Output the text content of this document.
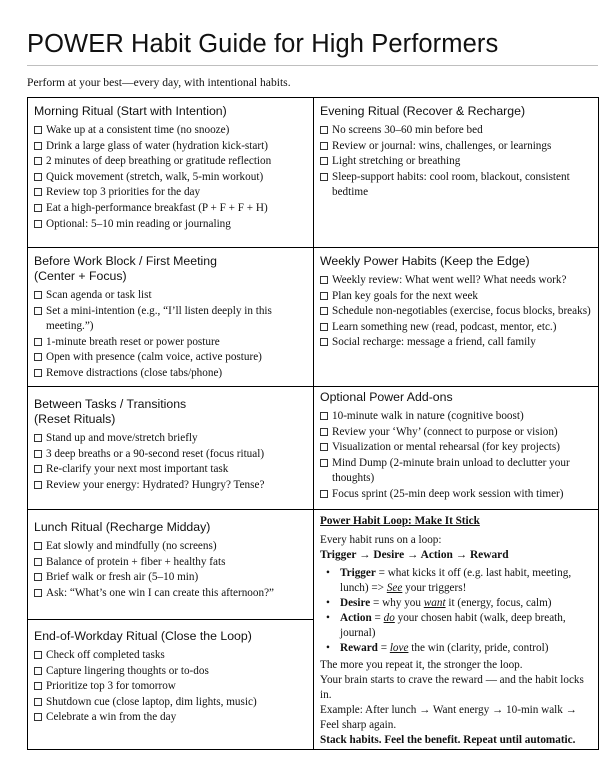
POWER Habit Guide for High Performers
Perform at your best—every day, with intentional habits.
Morning Ritual (Start with Intention)
Wake up at a consistent time (no snooze)
Drink a large glass of water (hydration kick-start)
2 minutes of deep breathing or gratitude reflection
Quick movement (stretch, walk, 5-min workout)
Review top 3 priorities for the day
Eat a high-performance breakfast (P + F + F + H)
Optional: 5–10 min reading or journaling
Evening Ritual (Recover & Recharge)
No screens 30–60 min before bed
Review or journal: wins, challenges, or learnings
Light stretching or breathing
Sleep-support habits: cool room, blackout, consistent bedtime
Before Work Block / First Meeting
(Center + Focus)
Scan agenda or task list
Set a mini-intention (e.g., “I’ll listen deeply in this meeting.”)
1-minute breath reset or power posture
Open with presence (calm voice, active posture)
Remove distractions (close tabs/phone)
Weekly Power Habits (Keep the Edge)
Weekly review: What went well? What needs work?
Plan key goals for the next week
Schedule non-negotiables (exercise, focus blocks, breaks)
Learn something new (read, podcast, mentor, etc.)
Social recharge: message a friend, call family
Between Tasks / Transitions
(Reset Rituals)
Stand up and move/stretch briefly
3 deep breaths or a 90-second reset (focus ritual)
Re-clarify your next most important task
Review your energy: Hydrated? Hungry? Tense?
Optional Power Add-ons
10-minute walk in nature (cognitive boost)
Review your ‘Why’ (connect to purpose or vision)
Visualization or mental rehearsal (for key projects)
Mind Dump (2-minute brain unload to declutter your thoughts)
Focus sprint (25-min deep work session with timer)
Lunch Ritual (Recharge Midday)
Eat slowly and mindfully (no screens)
Balance of protein + fiber + healthy fats
Brief walk or fresh air (5–10 min)
Ask: “What’s one win I can create this afternoon?”
End-of-Workday Ritual (Close the Loop)
Check off completed tasks
Capture lingering thoughts or to-dos
Prioritize top 3 for tomorrow
Shutdown cue (close laptop, dim lights, music)
Celebrate a win from the day
Power Habit Loop: Make It Stick
Every habit runs on a loop:
Trigger → Desire → Action → Reward
• Trigger = what kicks it off (e.g. last habit, meeting, lunch) => See your triggers!
• Desire = why you want it (energy, focus, calm)
• Action = do your chosen habit (walk, deep breath, journal)
• Reward = love the win (clarity, pride, control)
The more you repeat it, the stronger the loop.
Your brain starts to crave the reward — and the habit locks in.
Example: After lunch → Want energy → 10-min walk → Feel sharp again.
Stack habits. Feel the benefit. Repeat until automatic.
